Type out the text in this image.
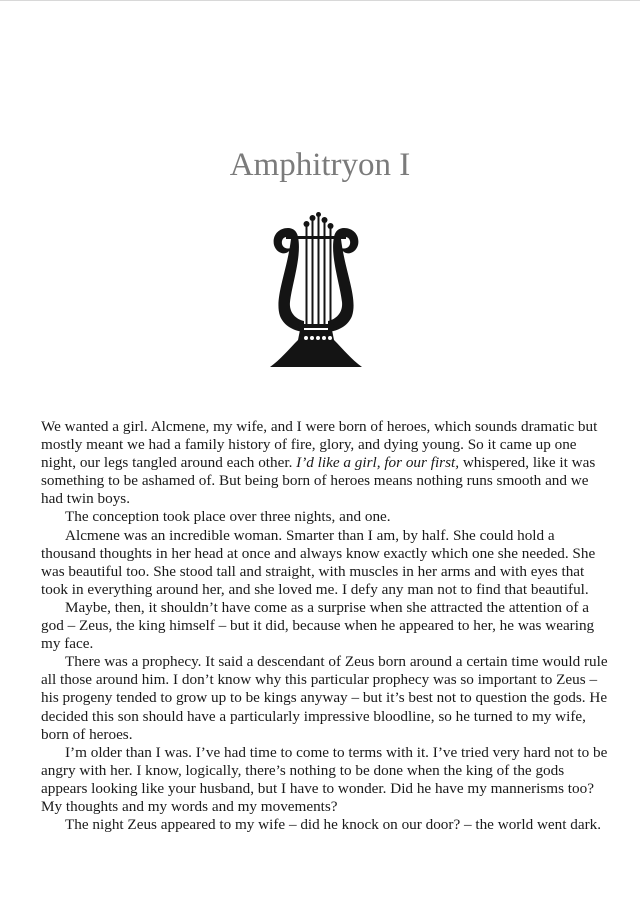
Amphitryon I

We wanted a girl. Alcmene, my wife, and I were born of heroes, which sounds dramatic but mostly meant we had a family history of fire, glory, and dying young. So it came up one night, our legs tangled around each other. I’d like a girl, for our first, whispered, like it was something to be ashamed of. But being born of heroes means nothing runs smooth and we had twin boys.

The conception took place over three nights, and one.

Alcmene was an incredible woman. Smarter than I am, by half. She could hold a thousand thoughts in her head at once and always know exactly which one she needed. She was beautiful too. She stood tall and straight, with muscles in her arms and with eyes that took in everything around her, and she loved me. I defy any man not to find that beautiful.

Maybe, then, it shouldn’t have come as a surprise when she attracted the attention of a god – Zeus, the king himself – but it did, because when he appeared to her, he was wearing my face.

There was a prophecy. It said a descendant of Zeus born around a certain time would rule all those around him. I don’t know why this particular prophecy was so important to Zeus – his progeny tended to grow up to be kings anyway – but it’s best not to question the gods. He decided this son should have a particularly impressive bloodline, so he turned to my wife, born of heroes.

I’m older than I was. I’ve had time to come to terms with it. I’ve tried very hard not to be angry with her. I know, logically, there’s nothing to be done when the king of the gods appears looking like your husband, but I have to wonder. Did he have my mannerisms too? My thoughts and my words and my movements?

The night Zeus appeared to my wife – did he knock on our door? – the world went dark.
